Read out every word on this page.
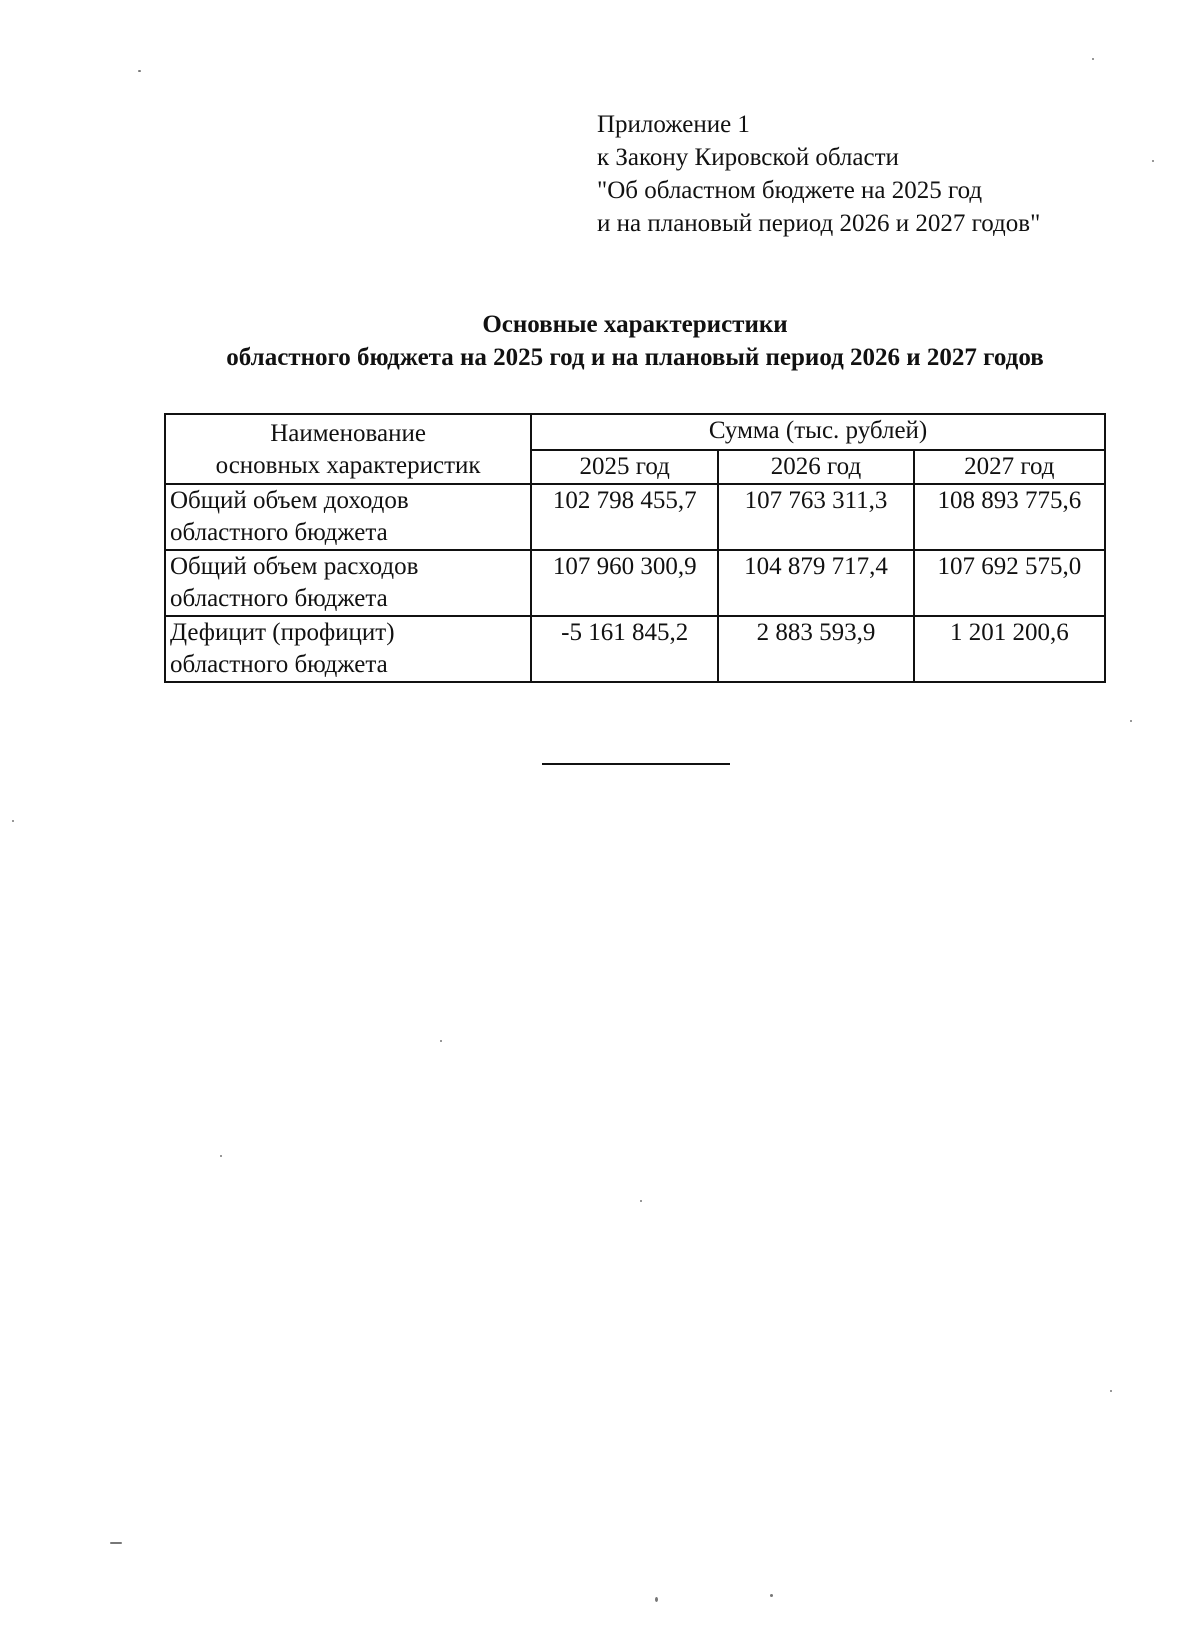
Приложение 1
к Закону Кировской области
"Об областном бюджете на 2025 год
и на плановый период 2026 и 2027 годов"
Основные характеристики
областного бюджета на 2025 год и на плановый период 2026 и 2027 годов
Наименование
основных характеристик	Сумма (тыс. рублей)		
	2025 год	2026 год	2027 год
Общий объем доходов
областного бюджета	102 798 455,7	107 763 311,3	108 893 775,6
Общий объем расходов
областного бюджета	107 960 300,9	104 879 717,4	107 692 575,0
Дефицит (профицит)
областного бюджета	-5 161 845,2	2 883 593,9	1 201 200,6
